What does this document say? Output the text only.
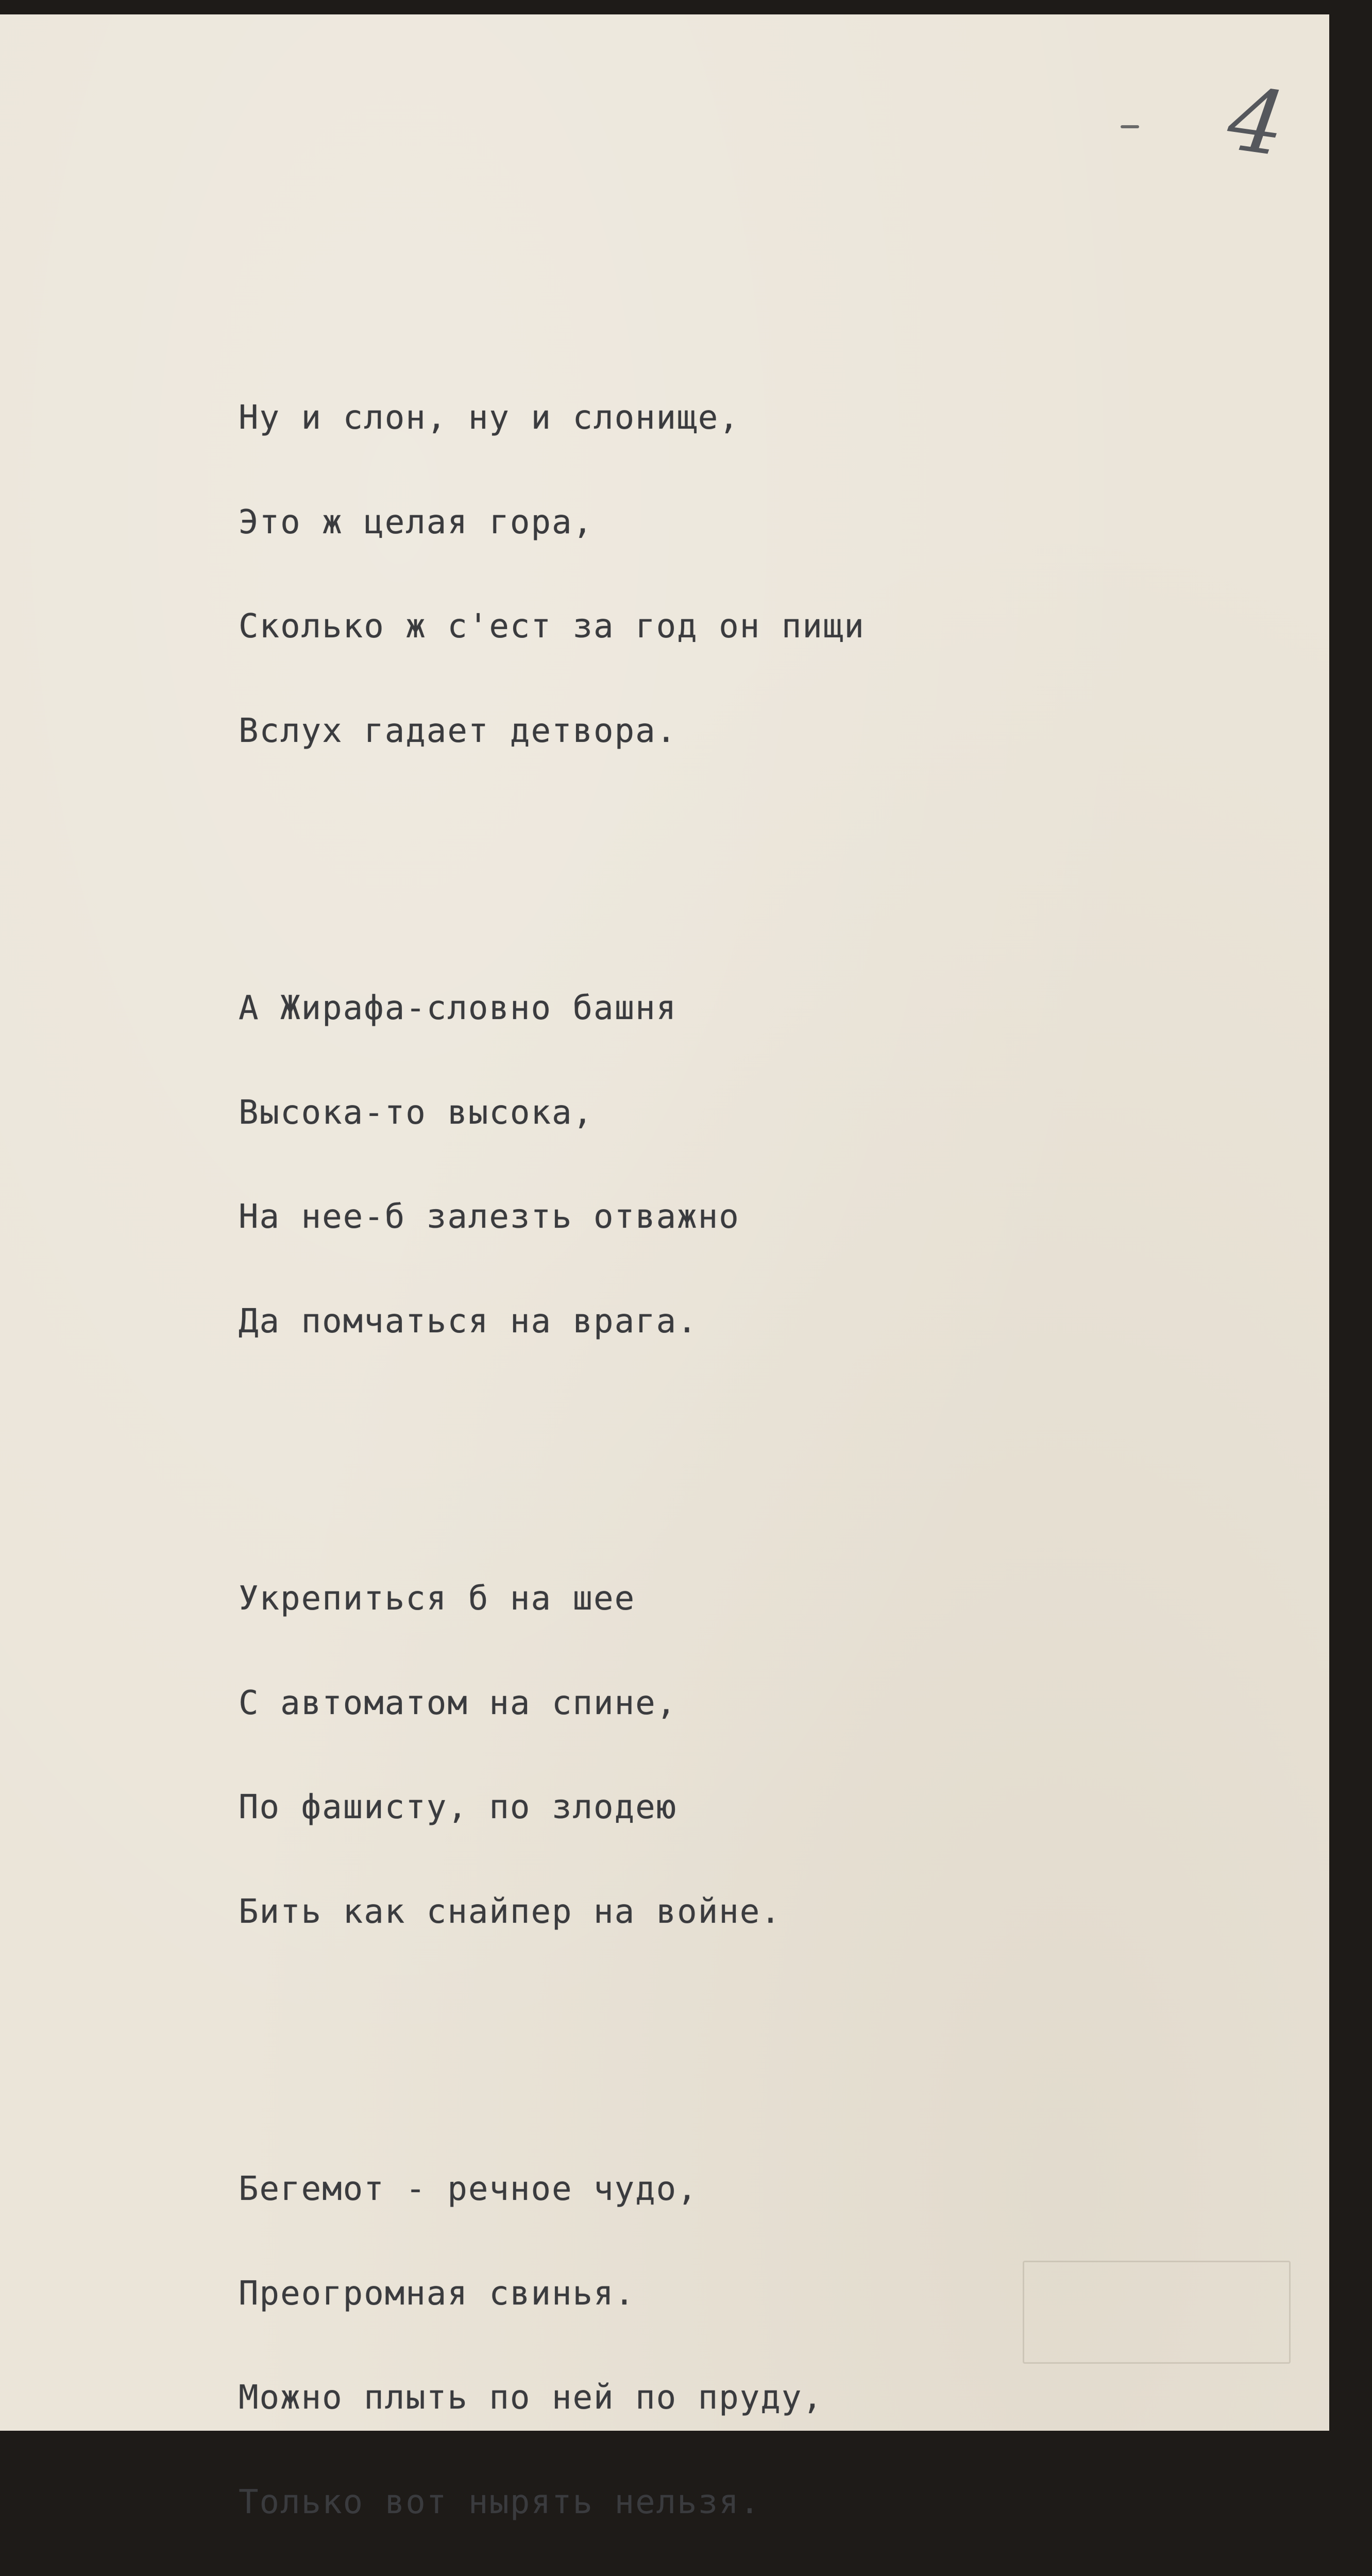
4

Ну и слон, ну и слонище,

Это ж целая гора,

Сколько ж с'ест за год он пищи

Вслух гадает детвора.

А Жирафа-словно башня

Высока-то высока,

На нее-б залезть отважно

Да помчаться на врага.

Укрепиться б на шее

С автоматом на спине,

По фашисту, по злодею

Бить как снайпер на войне.

Бегемот - речное чудо,

Преогромная свинья.

Можно плыть по ней по пруду,

Только вот нырять нельзя.
